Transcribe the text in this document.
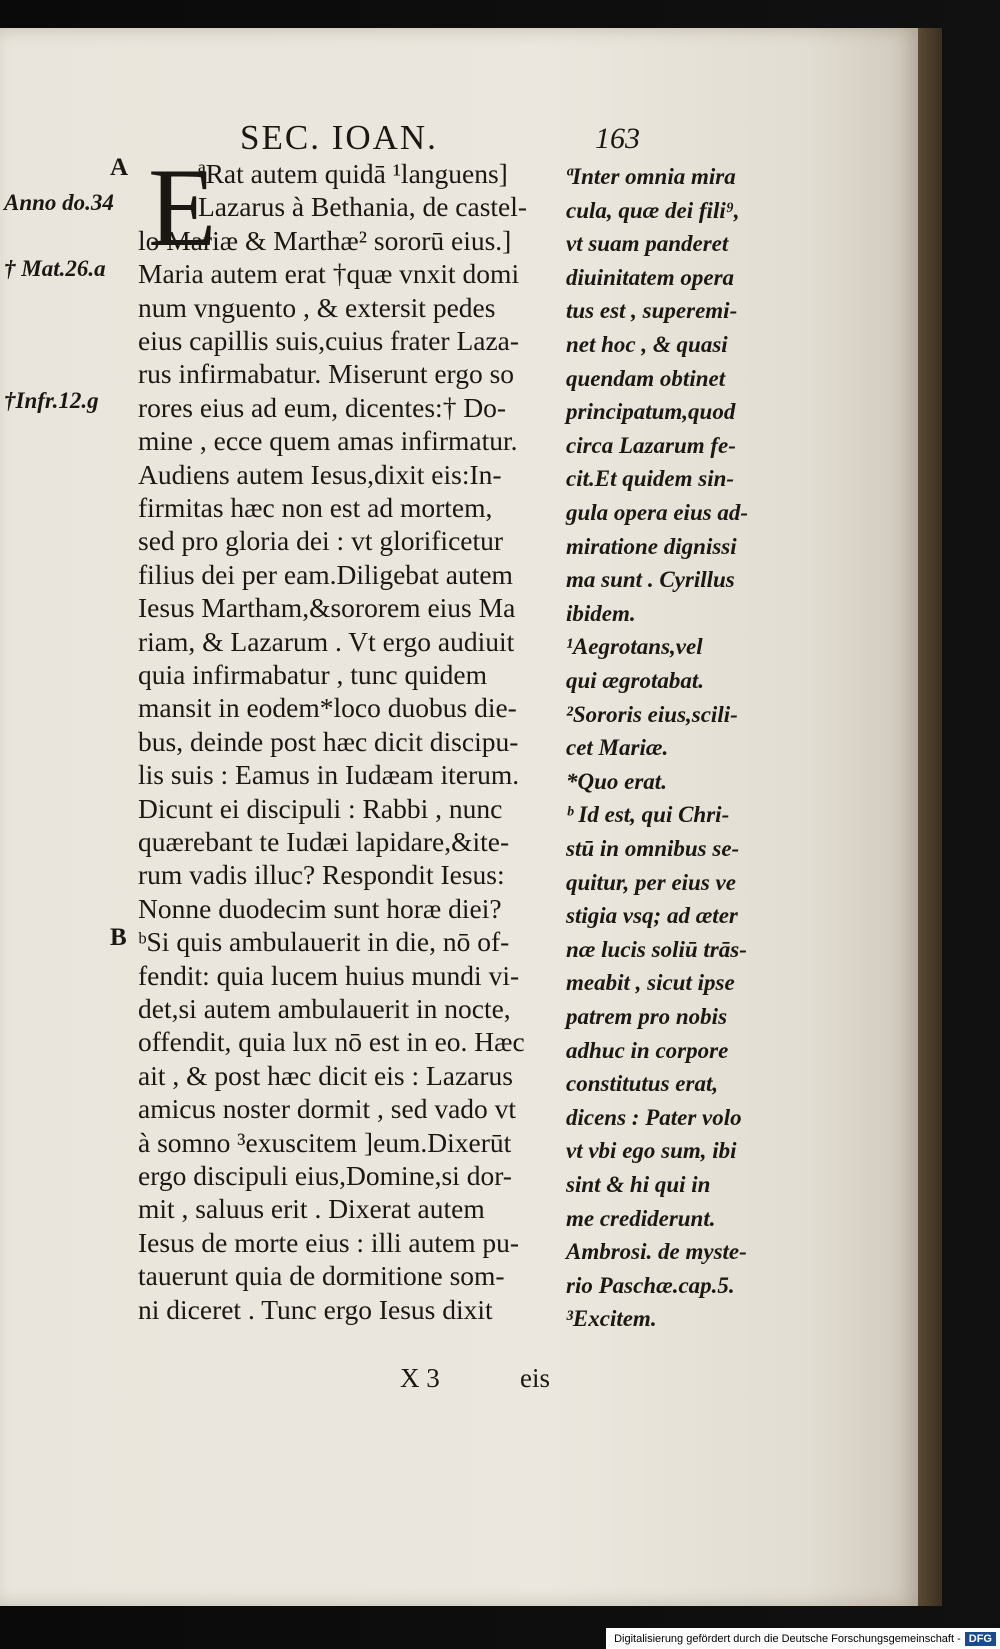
SEC. IOAN.	163
E
A
Anno do.34
† Mat.26.a
†Infr.12.g
B
ªRat autem quidā ¹languens]
Lazarus à Bethania, de castel-
lo Mariæ & Marthæ² sororū eius.]
Maria autem erat †quæ vnxit domi
num vnguento , & extersit pedes
eius capillis suis,cuius frater Laza-
rus infirmabatur. Miserunt ergo so
rores eius ad eum, dicentes:† Do-
mine , ecce quem amas infirmatur.
Audiens autem Iesus,dixit eis:In-
firmitas hæc non est ad mortem,
sed pro gloria dei : vt glorificetur
filius dei per eam.Diligebat autem
Iesus Martham,&sororem eius Ma
riam, & Lazarum . Vt ergo audiuit
quia infirmabatur , tunc quidem
mansit in eodem*loco duobus die-
bus, deinde post hæc dicit discipu-
lis suis : Eamus in Iudæam iterum.
Dicunt ei discipuli : Rabbi , nunc
quærebant te Iudæi lapidare,&ite-
rum vadis illuc? Respondit Iesus:
Nonne duodecim sunt horæ diei?
ᵇSi quis ambulauerit in die, nō of-
fendit: quia lucem huius mundi vi-
det,si autem ambulauerit in nocte,
offendit, quia lux nō est in eo. Hæc
ait , & post hæc dicit eis : Lazarus
amicus noster dormit , sed vado vt
à somno ³exuscitem ]eum.Dixerūt
ergo discipuli eius,Domine,si dor-
mit , saluus erit . Dixerat autem
Iesus de morte eius : illi autem pu-
tauerunt quia de dormitione som-
ni diceret . Tunc ergo Iesus dixit
ªInter omnia mira
cula, quæ dei fili⁹,
vt suam panderet
diuinitatem opera
tus est , superemi-
net hoc , & quasi
quendam obtinet
principatum,quod
circa Lazarum fe-
cit.Et quidem sin-
gula opera eius ad-
miratione dignissi
ma sunt . Cyrillus
ibidem.
¹Aegrotans,vel
qui ægrotabat.
²Sororis eius,scili-
cet Mariæ.
*Quo erat.
ᵇ Id est, qui Chri-
stū in omnibus se-
quitur, per eius ve
stigia vsq; ad æter
næ lucis soliū trās-
meabit , sicut ipse
patrem pro nobis
adhuc in corpore
constitutus erat,
dicens : Pater volo
vt vbi ego sum, ibi
sint & hi qui in
me crediderunt.
Ambrosi. de myste-
rio Paschæ.cap.5.
³Excitem.
X 3	eis
Digitalisierung gefördert durch die Deutsche Forschungsgemeinschaft - DFG
